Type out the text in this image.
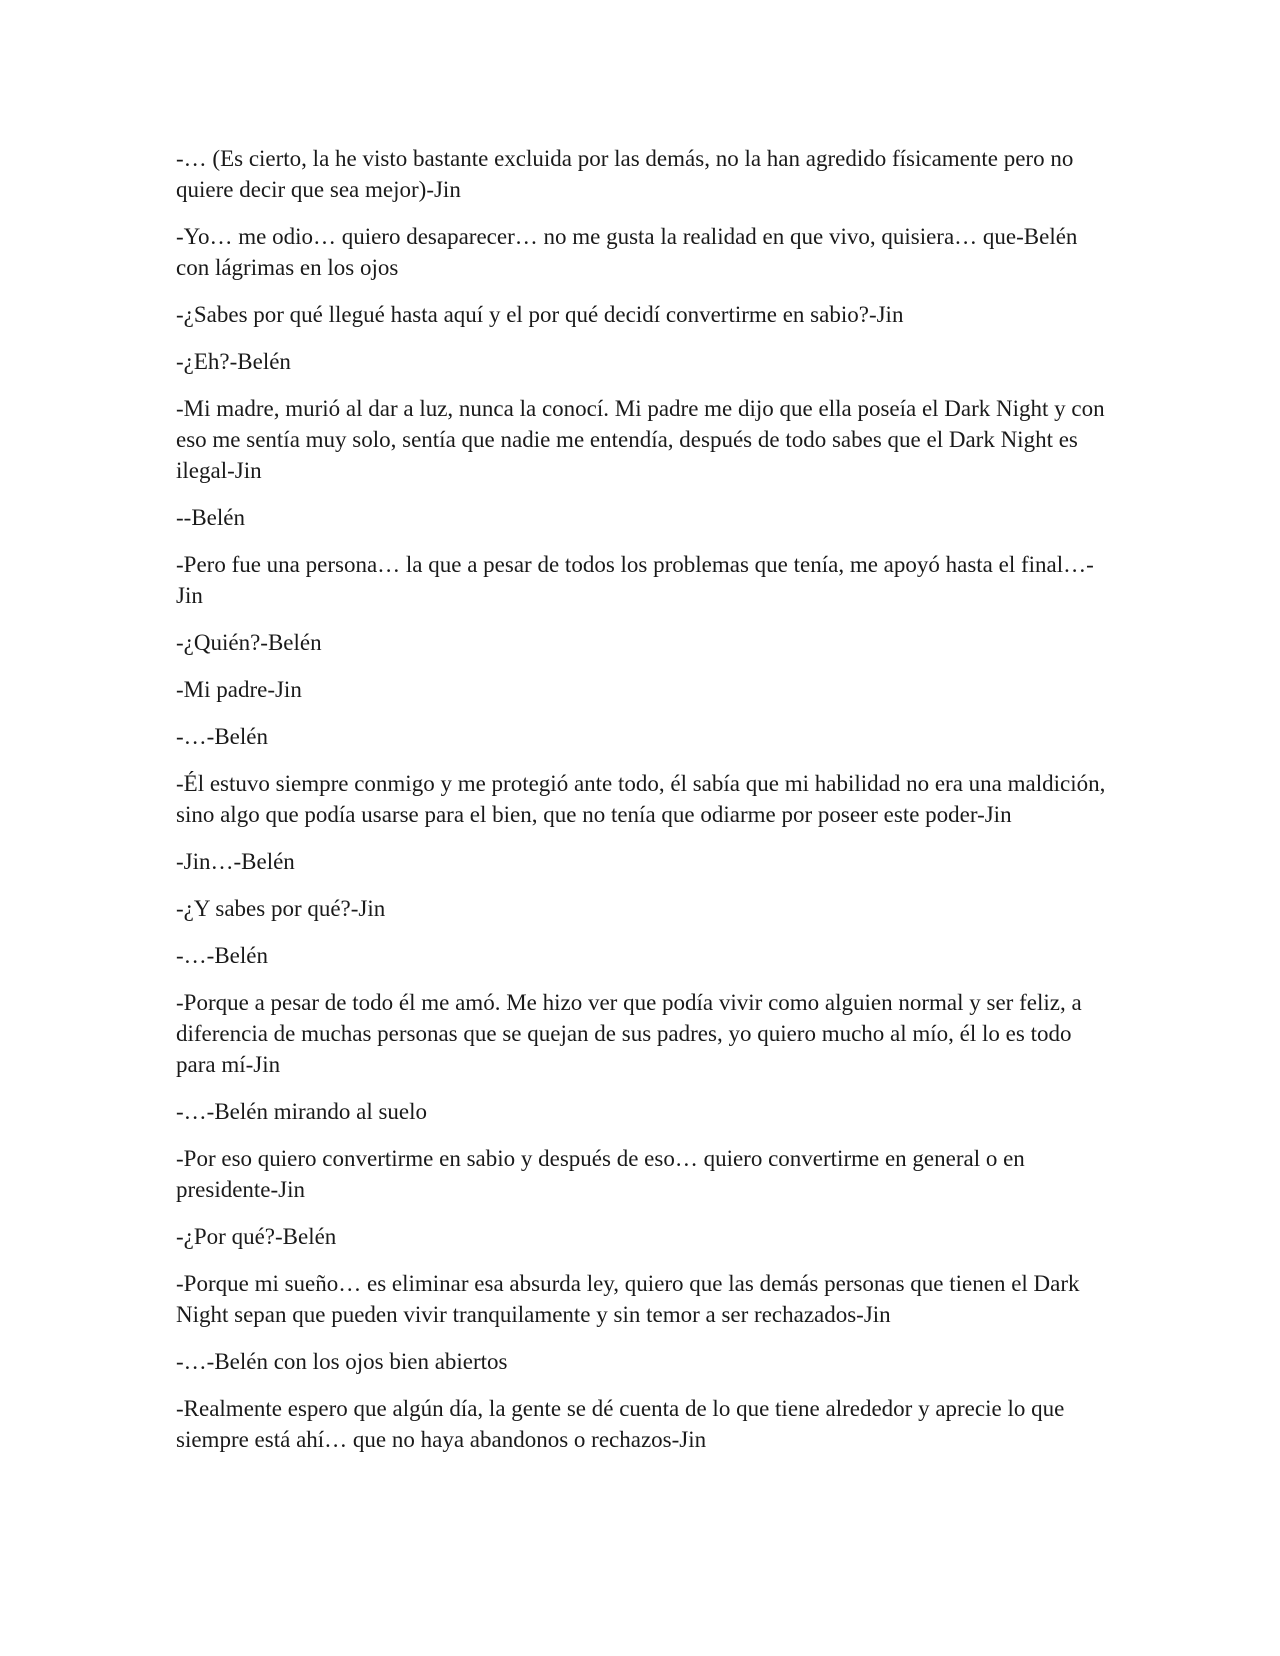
-… (Es cierto, la he visto bastante excluida por las demás, no la han agredido físicamente pero no quiere decir que sea mejor)-Jin

-Yo… me odio… quiero desaparecer… no me gusta la realidad en que vivo, quisiera… que-Belén con lágrimas en los ojos

-¿Sabes por qué llegué hasta aquí y el por qué decidí convertirme en sabio?-Jin

-¿Eh?-Belén

-Mi madre, murió al dar a luz, nunca la conocí. Mi padre me dijo que ella poseía el Dark Night y con eso me sentía muy solo, sentía que nadie me entendía, después de todo sabes que el Dark Night es ilegal-Jin

--Belén

-Pero fue una persona… la que a pesar de todos los problemas que tenía, me apoyó hasta el final…-Jin

-¿Quién?-Belén

-Mi padre-Jin

-…-Belén

-Él estuvo siempre conmigo y me protegió ante todo, él sabía que mi habilidad no era una maldición, sino algo que podía usarse para el bien, que no tenía que odiarme por poseer este poder-Jin

-Jin…-Belén

-¿Y sabes por qué?-Jin

-…-Belén

-Porque a pesar de todo él me amó. Me hizo ver que podía vivir como alguien normal y ser feliz, a diferencia de muchas personas que se quejan de sus padres, yo quiero mucho al mío, él lo es todo para mí-Jin

-…-Belén mirando al suelo

-Por eso quiero convertirme en sabio y después de eso… quiero convertirme en general o en presidente-Jin

-¿Por qué?-Belén

-Porque mi sueño… es eliminar esa absurda ley, quiero que las demás personas que tienen el Dark Night sepan que pueden vivir tranquilamente y sin temor a ser rechazados-Jin

-…-Belén con los ojos bien abiertos

-Realmente espero que algún día, la gente se dé cuenta de lo que tiene alrededor y aprecie lo que siempre está ahí… que no haya abandonos o rechazos-Jin
